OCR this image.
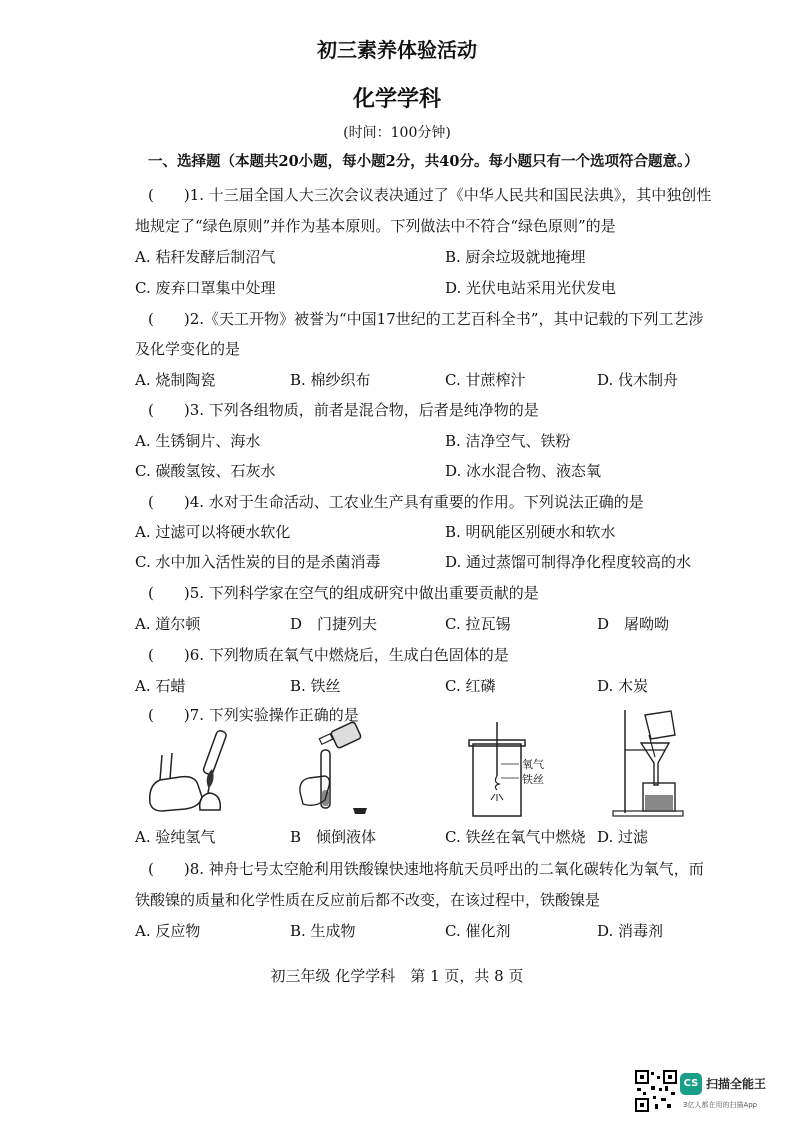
初三素养体验活动
化学学科
(时间：100分钟)
一、选择题（本题共20小题，每小题2分，共40分。每小题只有一个选项符合题意。）
(　　)1. 十三届全国人大三次会议表决通过了《中华人民共和国民法典》，其中独创性
地规定了“绿色原则”并作为基本原则。下列做法中不符合“绿色原则”的是
A. 秸秆发酵后制沼气	B. 厨余垃圾就地掩埋
C. 废弃口罩集中处理	D. 光伏电站采用光伏发电
(　　)2.《天工开物》被誉为“中国17世纪的工艺百科全书”，其中记载的下列工艺涉
及化学变化的是
A. 烧制陶瓷	B. 棉纱织布	C. 甘蔗榨汁	D. 伐木制舟
(　　)3. 下列各组物质，前者是混合物，后者是纯净物的是
A. 生锈铜片、海水	B. 洁净空气、铁粉
C. 碳酸氢铵、石灰水	D. 冰水混合物、液态氧
(　　)4. 水对于生命活动、工农业生产具有重要的作用。下列说法正确的是
A. 过滤可以将硬水软化	B. 明矾能区别硬水和软水
C. 水中加入活性炭的目的是杀菌消毒	D. 通过蒸馏可制得净化程度较高的水
(　　)5. 下列科学家在空气的组成研究中做出重要贡献的是
A. 道尔顿	D　门捷列夫	C. 拉瓦锡	D　屠呦呦
(　　)6. 下列物质在氧气中燃烧后，生成白色固体的是
A. 石蜡	B. 铁丝	C. 红磷	D. 木炭
(　　)7. 下列实验操作正确的是
氧气
铁丝
A. 验纯氢气	B　倾倒液体	C. 铁丝在氧气中燃烧 D. 过滤
(　　)8. 神舟七号太空舱利用铁酸镍快速地将航天员呼出的二氧化碳转化为氧气，而
铁酸镍的质量和化学性质在反应前后都不改变，在该过程中，铁酸镍是
A. 反应物	B. 生成物	C. 催化剂	D. 消毒剂
初三年级 化学学科　第 1 页，共 8 页
CS 扫描全能王
3亿人都在用的扫描App
